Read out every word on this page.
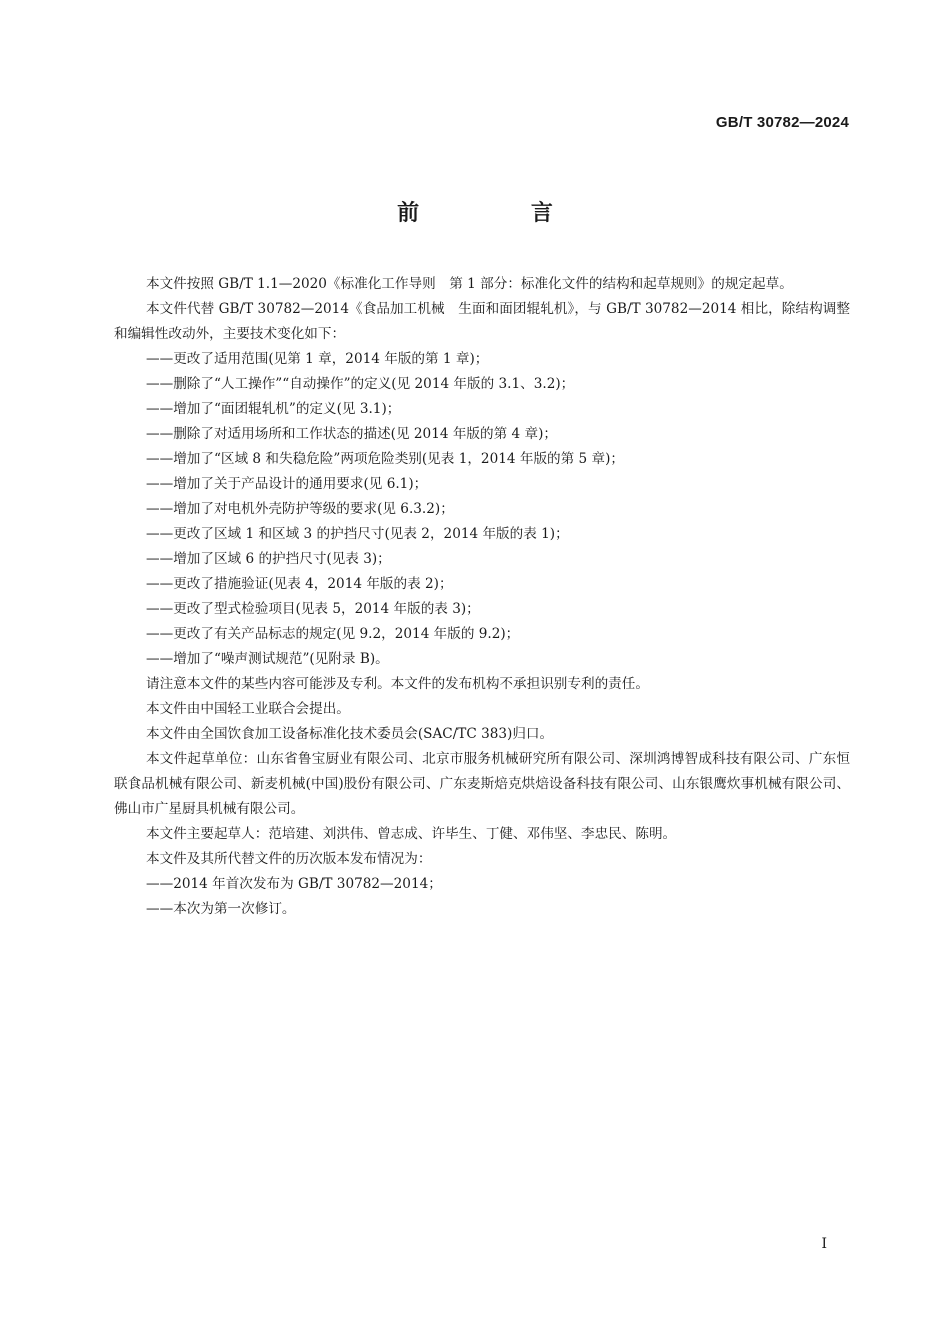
GB/T 30782—2024
前 言

本文件按照 GB/T 1.1—2020《标准化工作导则　第 1 部分：标准化文件的结构和起草规则》的规定起草。

本文件代替 GB/T 30782—2014《食品加工机械　生面和面团辊轧机》，与 GB/T 30782—2014 相比，除结构调整和编辑性改动外，主要技术变化如下：

——更改了适用范围(见第 1 章，2014 年版的第 1 章)；

——删除了“人工操作”“自动操作”的定义(见 2014 年版的 3.1、3.2)；

——增加了“面团辊轧机”的定义(见 3.1)；

——删除了对适用场所和工作状态的描述(见 2014 年版的第 4 章)；

——增加了“区域 8 和失稳危险”两项危险类别(见表 1，2014 年版的第 5 章)；

——增加了关于产品设计的通用要求(见 6.1)；

——增加了对电机外壳防护等级的要求(见 6.3.2)；

——更改了区域 1 和区域 3 的护挡尺寸(见表 2，2014 年版的表 1)；

——增加了区域 6 的护挡尺寸(见表 3)；

——更改了措施验证(见表 4，2014 年版的表 2)；

——更改了型式检验项目(见表 5，2014 年版的表 3)；

——更改了有关产品标志的规定(见 9.2，2014 年版的 9.2)；

——增加了“噪声测试规范”(见附录 B)。

请注意本文件的某些内容可能涉及专利。本文件的发布机构不承担识别专利的责任。

本文件由中国轻工业联合会提出。

本文件由全国饮食加工设备标准化技术委员会(SAC/TC 383)归口。

本文件起草单位：山东省鲁宝厨业有限公司、北京市服务机械研究所有限公司、深圳鸿博智成科技有限公司、广东恒联食品机械有限公司、新麦机械(中国)股份有限公司、广东麦斯焙克烘焙设备科技有限公司、山东银鹰炊事机械有限公司、佛山市广星厨具机械有限公司。

本文件主要起草人：范培建、刘洪伟、曾志成、许毕生、丁健、邓伟坚、李忠民、陈明。

本文件及其所代替文件的历次版本发布情况为：

——2014 年首次发布为 GB/T 30782—2014；

——本次为第一次修订。

I
